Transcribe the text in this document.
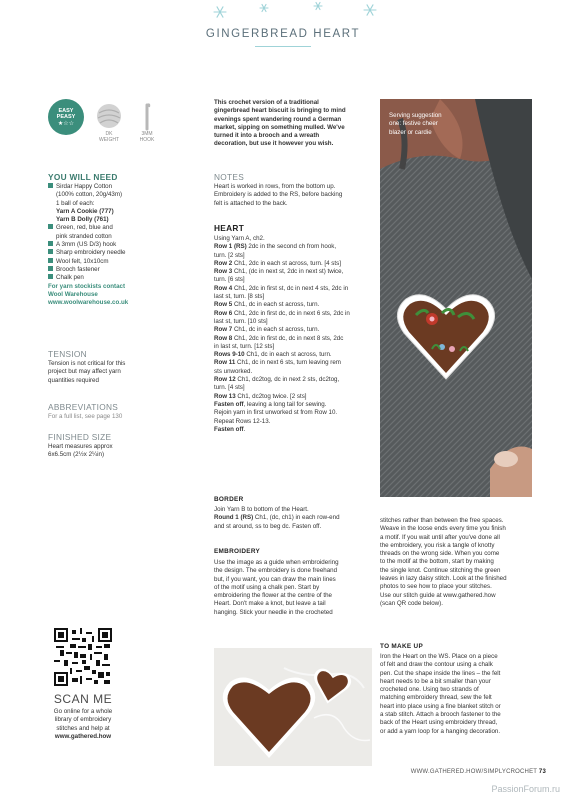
GINGERBREAD HEART
EASY PEASY
★☆☆
DK WEIGHT
3MM HOOK
YOU WILL NEED
Sirdar Happy Cotton
(100% cotton, 20g/43m)
1 ball of each:
Yarn A Cookie (777)
Yarn B Dolly (761)
Green, red, blue and
pink stranded cotton
A 3mm (US D/3) hook
Sharp embroidery needle
Wool felt, 10x10cm
Brooch fastener
Chalk pen
For yarn stockists contact
Wool Warehouse
www.woolwarehouse.co.uk
TENSION
Tension is not critical for this
project but may affect yarn
quantities required
ABBREVIATIONS
For a full list, see page 130
FINISHED SIZE
Heart measures approx
6x6.5cm (2½x 2¼in)
SCAN ME
Go online for a whole
library of embroidery
stitches and help at
www.gathered.how
This crochet version of a traditional
gingerbread heart biscuit is bringing to mind
evenings spent wandering round a German
market, sipping on something mulled. We've
turned it into a brooch and a wreath
decoration, but use it however you wish.
NOTES
Heart is worked in rows, from the bottom up.
Embroidery is added to the RS, before backing
felt is attached to the back.
HEART
Using Yarn A, ch2.
Row 1 (RS) 2dc in the second ch from hook,
turn. [2 sts]
Row 2 Ch1, 2dc in each st across, turn. [4 sts]
Row 3 Ch1, (dc in next st, 2dc in next st) twice,
turn. [6 sts]
Row 4 Ch1, 2dc in first st, dc in next 4 sts, 2dc in
last st, turn. [8 sts]
Row 5 Ch1, dc in each st across, turn.
Row 6 Ch1, 2dc in first dc, dc in next 6 sts, 2dc in
last st, turn. [10 sts]
Row 7 Ch1, dc in each st across, turn.
Row 8 Ch1, 2dc in first dc, dc in next 8 sts, 2dc
in last st, turn. [12 sts]
Rows 9-10 Ch1, dc in each st across, turn.
Row 11 Ch1, dc in next 6 sts, turn leaving rem
sts unworked.
Row 12 Ch1, dc2tog, dc in next 2 sts, dc2tog,
turn. [4 sts]
Row 13 Ch1, dc2tog twice. [2 sts]
Fasten off, leaving a long tail for sewing.
Rejoin yarn in first unworked st from Row 10.
Repeat Rows 12-13.
Fasten off.
BORDER
Join Yarn B to bottom of the Heart.
Round 1 (RS) Ch1, (dc, ch1) in each row-end
and st around, ss to beg dc. Fasten off.
EMBROIDERY
Use the image as a guide when embroidering
the design. The embroidery is done freehand
but, if you want, you can draw the main lines
of the motif using a chalk pen. Start by
embroidering the flower at the centre of the
Heart. Don't make a knot, but leave a tail
hanging. Stick your needle in the crocheted
Serving suggestion
one: festive cheer
blazer or cardie
stitches rather than between the free spaces.
Weave in the loose ends every time you finish
a motif. If you wait until after you've done all
the embroidery, you risk a tangle of knotty
threads on the wrong side. When you come
to the motif at the bottom, start by making
the single knot. Continue stitching the green
leaves in lazy daisy stitch. Look at the finished
photos to see how to place your stitches.
Use our stitch guide at www.gathered.how
(scan QR code below).
TO MAKE UP
Iron the Heart on the WS. Place on a piece
of felt and draw the contour using a chalk
pen. Cut the shape inside the lines – the felt
heart needs to be a bit smaller than your
crocheted one. Using two strands of
matching embroidery thread, sew the felt
heart into place using a fine blanket stitch or
a stab stitch. Attach a brooch fastener to the
back of the Heart using embroidery thread,
or add a yarn loop for a hanging decoration.
WWW.GATHERED.HOW/SIMPLYCROCHET 73
PassionForum.ru
